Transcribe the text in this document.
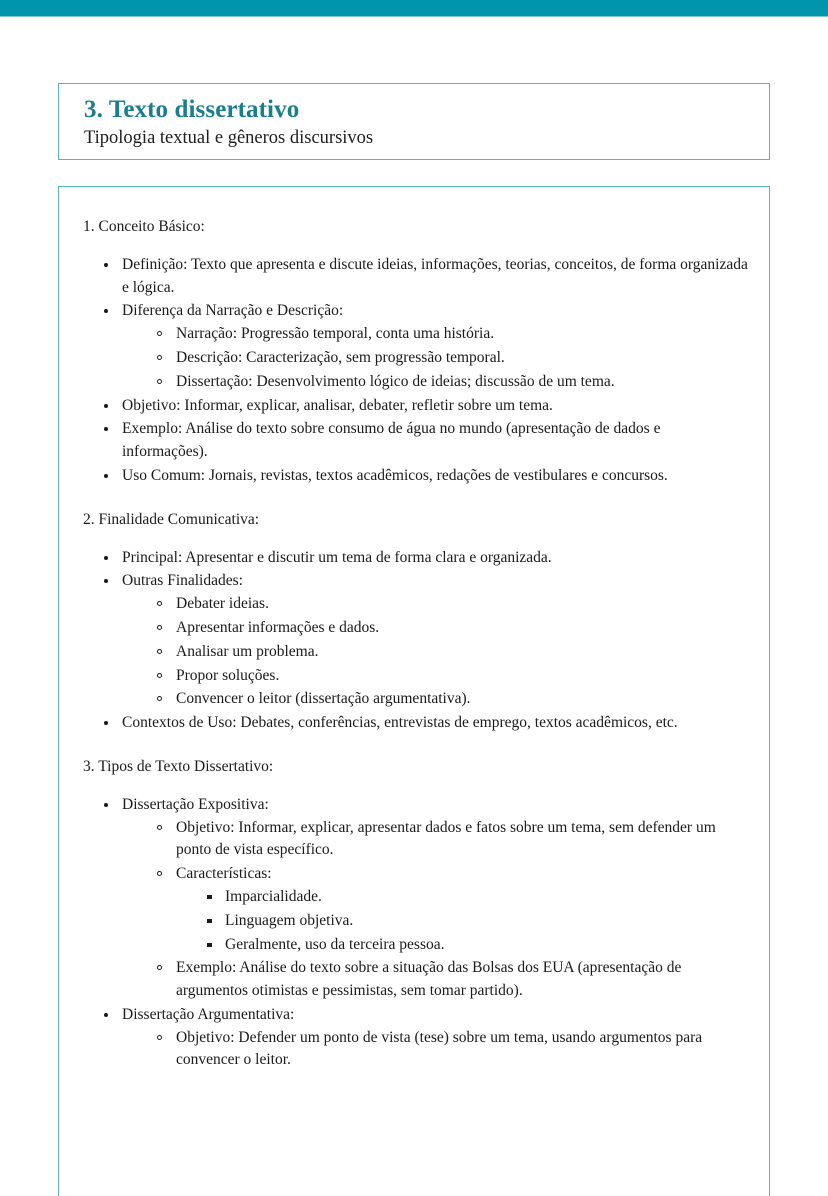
3. Texto dissertativo
Tipologia textual e gêneros discursivos
1. Conceito Básico:
Definição: Texto que apresenta e discute ideias, informações, teorias, conceitos, de forma organizada e lógica.
Diferença da Narração e Descrição:
Narração: Progressão temporal, conta uma história.
Descrição: Caracterização, sem progressão temporal.
Dissertação: Desenvolvimento lógico de ideias; discussão de um tema.
Objetivo: Informar, explicar, analisar, debater, refletir sobre um tema.
Exemplo: Análise do texto sobre consumo de água no mundo (apresentação de dados e informações).
Uso Comum: Jornais, revistas, textos acadêmicos, redações de vestibulares e concursos.
2. Finalidade Comunicativa:
Principal: Apresentar e discutir um tema de forma clara e organizada.
Outras Finalidades:
Debater ideias.
Apresentar informações e dados.
Analisar um problema.
Propor soluções.
Convencer o leitor (dissertação argumentativa).
Contextos de Uso: Debates, conferências, entrevistas de emprego, textos acadêmicos, etc.
3. Tipos de Texto Dissertativo:
Dissertação Expositiva:
Objetivo: Informar, explicar, apresentar dados e fatos sobre um tema, sem defender um ponto de vista específico.
Características:
Imparcialidade.
Linguagem objetiva.
Geralmente, uso da terceira pessoa.
Exemplo: Análise do texto sobre a situação das Bolsas dos EUA (apresentação de argumentos otimistas e pessimistas, sem tomar partido).
Dissertação Argumentativa:
Objetivo: Defender um ponto de vista (tese) sobre um tema, usando argumentos para convencer o leitor.
